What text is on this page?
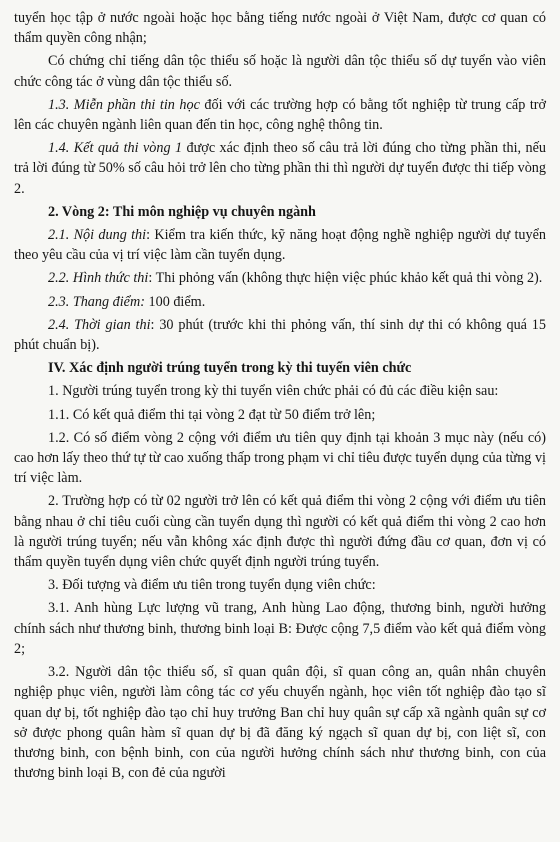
tuyển học tập ở nước ngoài hoặc học bằng tiếng nước ngoài ở Việt Nam, được cơ quan có thẩm quyền công nhận;

Có chứng chỉ tiếng dân tộc thiểu số hoặc là người dân tộc thiểu số dự tuyển vào viên chức công tác ở vùng dân tộc thiểu số.

1.3. Miễn phần thi tin học đối với các trường hợp có bằng tốt nghiệp từ trung cấp trở lên các chuyên ngành liên quan đến tin học, công nghệ thông tin.

1.4. Kết quả thi vòng 1 được xác định theo số câu trả lời đúng cho từng phần thi, nếu trả lời đúng từ 50% số câu hỏi trở lên cho từng phần thi thì người dự tuyển được thi tiếp vòng 2.

2. Vòng 2: Thi môn nghiệp vụ chuyên ngành

2.1. Nội dung thi: Kiểm tra kiến thức, kỹ năng hoạt động nghề nghiệp người dự tuyển theo yêu cầu của vị trí việc làm cần tuyển dụng.

2.2. Hình thức thi: Thi phỏng vấn (không thực hiện việc phúc khảo kết quả thi vòng 2).

2.3. Thang điểm: 100 điểm.

2.4. Thời gian thi: 30 phút (trước khi thi phỏng vấn, thí sinh dự thi có không quá 15 phút chuẩn bị).

IV. Xác định người trúng tuyển trong kỳ thi tuyển viên chức

1. Người trúng tuyển trong kỳ thi tuyển viên chức phải có đủ các điều kiện sau:

1.1. Có kết quả điểm thi tại vòng 2 đạt từ 50 điểm trở lên;

1.2. Có số điểm vòng 2 cộng với điểm ưu tiên quy định tại khoản 3 mục này (nếu có) cao hơn lấy theo thứ tự từ cao xuống thấp trong phạm vi chỉ tiêu được tuyển dụng của từng vị trí việc làm.

2. Trường hợp có từ 02 người trở lên có kết quả điểm thi vòng 2 cộng với điểm ưu tiên bằng nhau ở chỉ tiêu cuối cùng cần tuyển dụng thì người có kết quả điểm thi vòng 2 cao hơn là người trúng tuyển; nếu vẫn không xác định được thì người đứng đầu cơ quan, đơn vị có thẩm quyền tuyển dụng viên chức quyết định người trúng tuyển.

3. Đối tượng và điểm ưu tiên trong tuyển dụng viên chức:

3.1. Anh hùng Lực lượng vũ trang, Anh hùng Lao động, thương binh, người hưởng chính sách như thương binh, thương binh loại B: Được cộng 7,5 điểm vào kết quả điểm vòng 2;

3.2. Người dân tộc thiểu số, sĩ quan quân đội, sĩ quan công an, quân nhân chuyên nghiệp phục viên, người làm công tác cơ yếu chuyển ngành, học viên tốt nghiệp đào tạo sĩ quan dự bị, tốt nghiệp đào tạo chỉ huy trưởng Ban chỉ huy quân sự cấp xã ngành quân sự cơ sở được phong quân hàm sĩ quan dự bị đã đăng ký ngạch sĩ quan dự bị, con liệt sĩ, con thương binh, con bệnh binh, con của người hưởng chính sách như thương binh, con của thương binh loại B, con đẻ của người
